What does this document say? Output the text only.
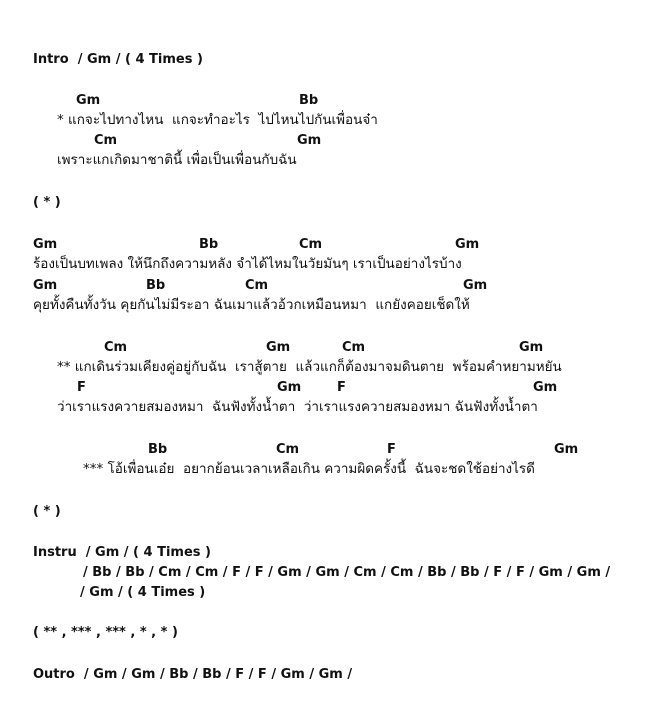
Intro  / Gm / ( 4 Times )
Gm	Bb
* แกจะไปทางไหน  แกจะทำอะไร  ไปไหนไปกันเพื่อนจ๋า
Cm	Gm
เพราะแกเกิดมาชาตินี้ เพื่อเป็นเพื่อนกับฉัน
( * )
Gm	Bb	Cm	Gm
ร้องเป็นบทเพลง ให้นึกถึงความหลัง จำได้ไหมในวัยมันๆ เราเป็นอย่างไรบ้าง
Gm	Bb	Cm	Gm
คุยทั้งคืนทั้งวัน คุยกันไม่มีระอา ฉันเมาแล้วอ้วกเหมือนหมา  แกยังคอยเช็ดให้
Cm	Gm	Cm	Gm
** แกเดินร่วมเคียงคู่อยู่กับฉัน  เราสู้ตาย  แล้วแกก็ต้องมาจมดินตาย  พร้อมคำหยามหยัน
F	Gm	F	Gm
ว่าเราแรงควายสมองหมา  ฉันฟังทั้งน้ำตา  ว่าเราแรงควายสมองหมา ฉันฟังทั้งน้ำตา
Bb	Cm	F	Gm
*** โอ้เพื่อนเอ๋ย  อยากย้อนเวลาเหลือเกิน ความผิดครั้งนี้  ฉันจะชดใช้อย่างไรดี
( * )
Instru  / Gm / ( 4 Times )
/ Bb / Bb / Cm / Cm / F / F / Gm / Gm / Cm / Cm / Bb / Bb / F / F / Gm / Gm /
/ Gm / ( 4 Times )
( ** , *** , *** , * , * )
Outro  / Gm / Gm / Bb / Bb / F / F / Gm / Gm /
